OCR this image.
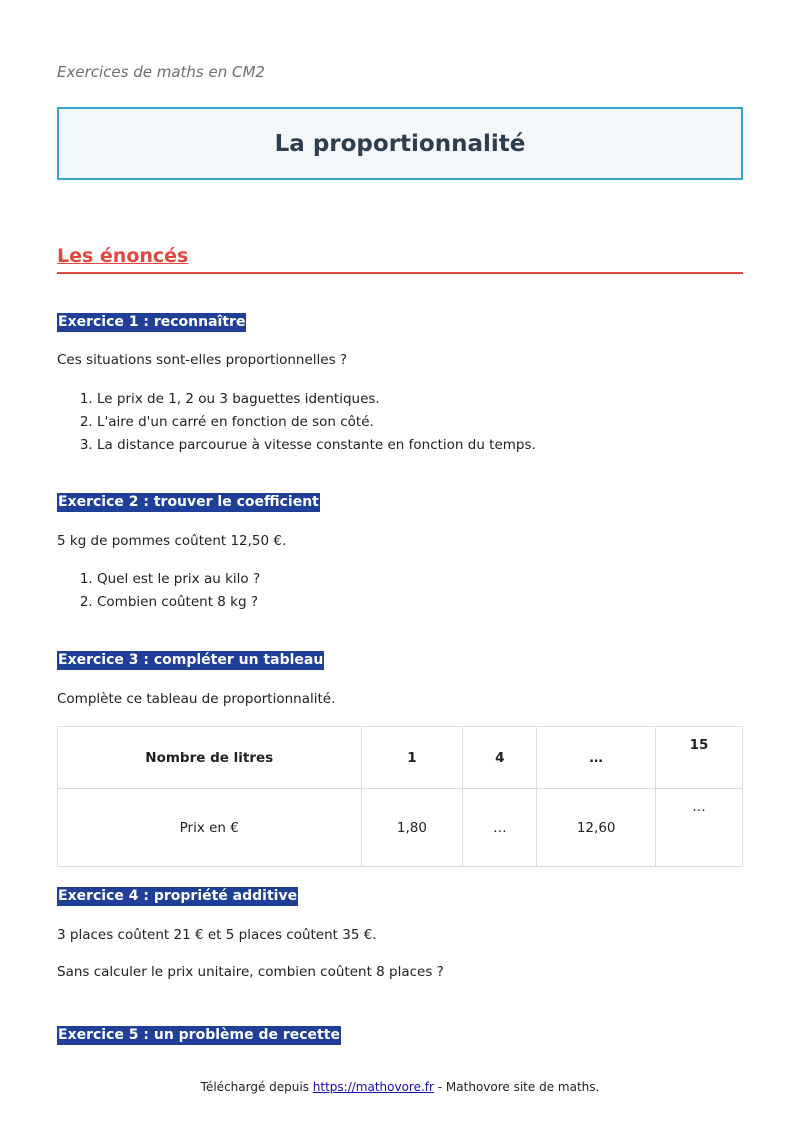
Exercices de maths en CM2
La proportionnalité
Les énoncés
Exercice 1 : reconnaître

Ces situations sont-elles proportionnelles ?

1. Le prix de 1, 2 ou 3 baguettes identiques.
2. L'aire d'un carré en fonction de son côté.
3. La distance parcourue à vitesse constante en fonction du temps.
Exercice 2 : trouver le coefficient

5 kg de pommes coûtent 12,50 €.

1. Quel est le prix au kilo ?
2. Combien coûtent 8 kg ?
Exercice 3 : compléter un tableau

Complète ce tableau de proportionnalité.

Nombre de litres	1	4	…	15
Prix en €	1,80	…	12,60	…
Exercice 4 : propriété additive

3 places coûtent 21 € et 5 places coûtent 35 €.

Sans calculer le prix unitaire, combien coûtent 8 places ?

Exercice 5 : un problème de recette
Téléchargé depuis https://mathovore.fr - Mathovore site de maths.
